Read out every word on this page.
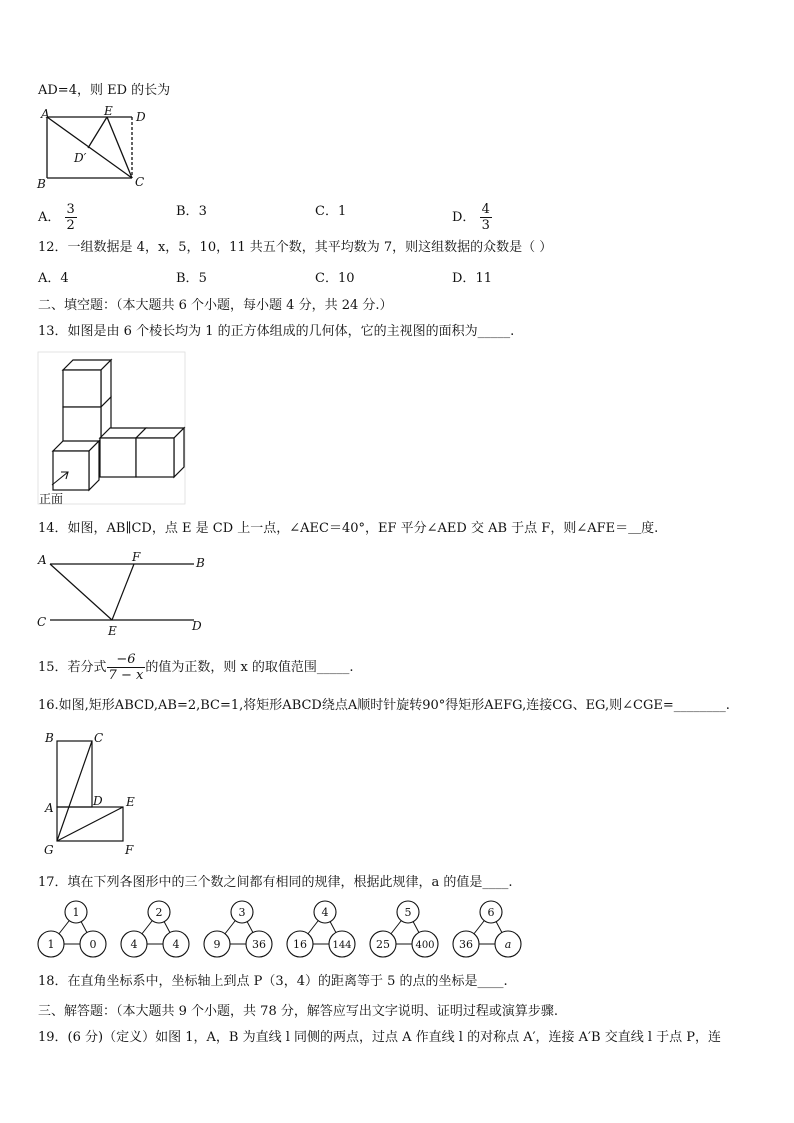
AD=4，则 ED 的长为
A	E D
D′
B	C
A． $\frac{3}{2}$	B．3	C．1	D． $\frac{4}{3}$
12．一组数据是 4，x，5，10，11 共五个数，其平均数为 7，则这组数据的众数是（ ）
A．4	B．5	C．10	D．11
二、填空题：（本大题共 6 个小题，每小题 4 分，共 24 分.）
13．如图是由 6 个棱长均为 1 的正方体组成的几何体，它的主视图的面积为_____.
正面
14．如图，AB∥CD，点 E 是 CD 上一点，∠AEC＝40°，EF 平分∠AED 交 AB 于点 F，则∠AFE＝＿度.
A	F	B
C
E	D
15．若分式 $\frac{-6}{7 - x}$ 的值为正数，则 x 的取值范围_____.
16.如图,矩形ABCD,AB=2,BC=1,将矩形ABCD绕点A顺时针旋转90°得矩形AEFG,连接CG、EG,则∠CGE=________.
B	C
A	D E
G	F
17．填在下列各图形中的三个数之间都有相同的规律，根据此规律，a 的值是____.
1
1	0
2
4	4
3
9	36
4
16	144
5
25	400
6
36	a
18．在直角坐标系中，坐标轴上到点 P（3，4）的距离等于 5 的点的坐标是____.
三、解答题：（本大题共 9 个小题，共 78 分，解答应写出文字说明、证明过程或演算步骤.
19．(6 分)（定义）如图 1，A，B 为直线 l 同侧的两点，过点 A 作直线 l 的对称点 A′，连接 A′B 交直线 l 于点 P，连
